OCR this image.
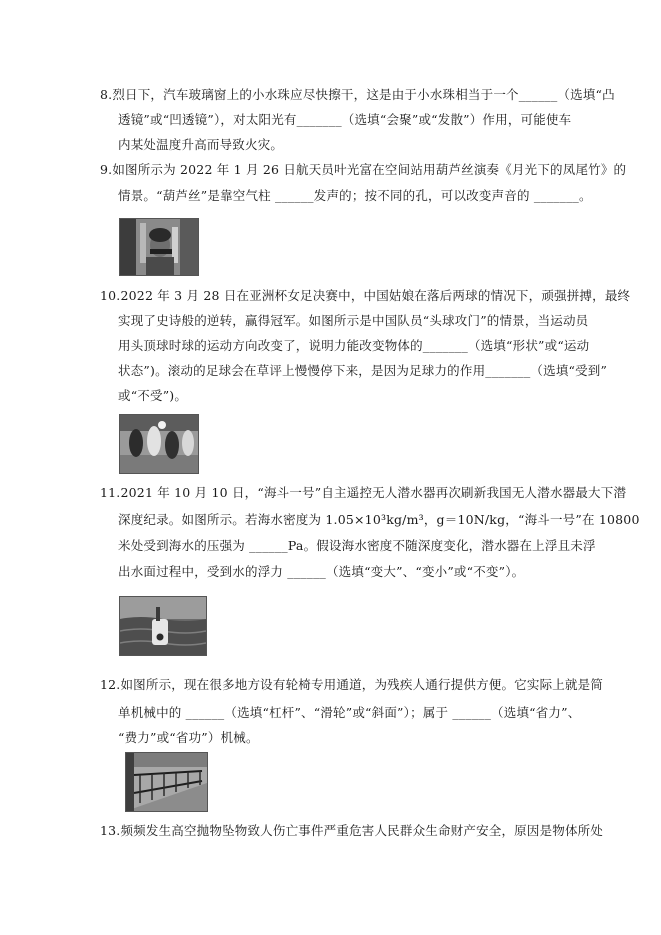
8.烈日下，汽车玻璃窗上的小水珠应尽快擦干，这是由于小水珠相当于一个______（选填“凸
透镜”或“凹透镜”），对太阳光有_______（选填“会聚”或“发散”）作用，可能使车
内某处温度升高而导致火灾。
9.如图所示为 2022 年 1 月 26 日航天员叶光富在空间站用葫芦丝演奏《月光下的凤尾竹》的
情景。“葫芦丝”是靠空气柱 ______发声的；按不同的孔，可以改变声音的 _______。
10.2022 年 3 月 28 日在亚洲杯女足决赛中，中国姑娘在落后两球的情况下，顽强拼搏，最终
实现了史诗般的逆转，赢得冠军。如图所示是中国队员“头球攻门”的情景，当运动员
用头顶球时球的运动方向改变了，说明力能改变物体的_______（选填“形状”或“运动
状态”)。滚动的足球会在草评上慢慢停下来，是因为足球力的作用_______（选填“受到”
或“不受”)。
11.2021 年 10 月 10 日，“海斗一号”自主遥控无人潜水器再次刷新我国无人潜水器最大下潜
深度纪录。如图所示。若海水密度为 1.05×10³kg/m³，g＝10N/kg，“海斗一号”在 10800
米处受到海水的压强为 ______Pa。假设海水密度不随深度变化，潜水器在上浮且未浮
出水面过程中，受到水的浮力 ______（选填“变大”、“变小”或“不变”）。
12.如图所示，现在很多地方设有轮椅专用通道，为残疾人通行提供方便。它实际上就是简
单机械中的 ______（选填“杠杆”、“滑轮”或“斜面”）；属于 ______（选填“省力”、
“费力”或“省功”）机械。
13.频频发生高空抛物坠物致人伤亡事件严重危害人民群众生命财产安全，原因是物体所处
